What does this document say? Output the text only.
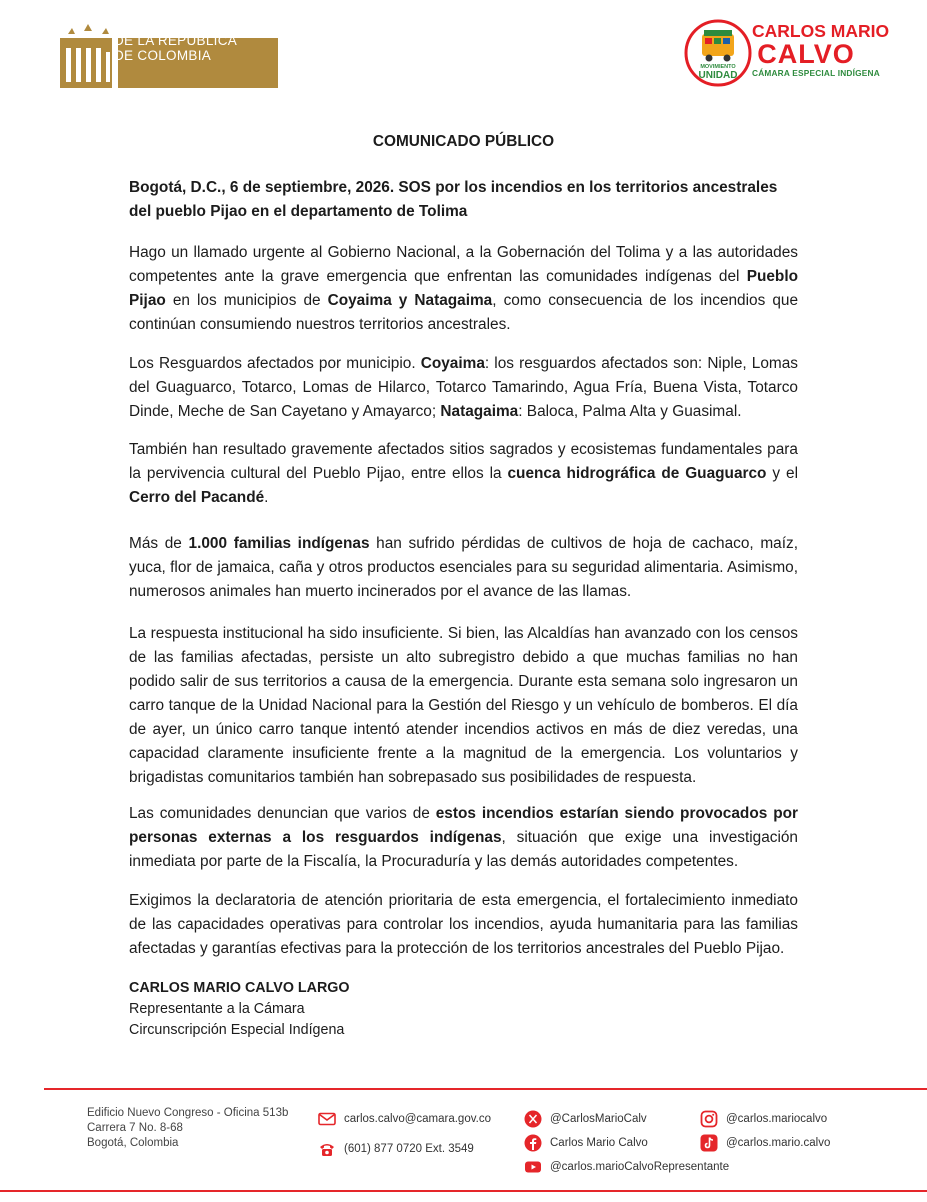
CONGRESO
DE LA REPÚBLICA
DE COLOMBIA
MOVIMIENTO
UNIDAD
CARLOS MARIO
CALVO
CÁMARA ESPECIAL INDÍGENA
COMUNICADO PÚBLICO
Bogotá, D.C., 6 de septiembre, 2026. SOS por los incendios en los territorios ancestrales del pueblo Pijao en el departamento de Tolima
Hago un llamado urgente al Gobierno Nacional, a la Gobernación del Tolima y a las autoridades competentes ante la grave emergencia que enfrentan las comunidades indígenas del Pueblo Pijao en los municipios de Coyaima y Natagaima, como consecuencia de los incendios que continúan consumiendo nuestros territorios ancestrales.
Los Resguardos afectados por municipio. Coyaima: los resguardos afectados son: Niple, Lomas del Guaguarco, Totarco, Lomas de Hilarco, Totarco Tamarindo, Agua Fría, Buena Vista, Totarco Dinde, Meche de San Cayetano y Amayarco; Natagaima: Baloca, Palma Alta y Guasimal.
También han resultado gravemente afectados sitios sagrados y ecosistemas fundamentales para la pervivencia cultural del Pueblo Pijao, entre ellos la cuenca hidrográfica de Guaguarco y el Cerro del Pacandé.
Más de 1.000 familias indígenas han sufrido pérdidas de cultivos de hoja de cachaco, maíz, yuca, flor de jamaica, caña y otros productos esenciales para su seguridad alimentaria. Asimismo, numerosos animales han muerto incinerados por el avance de las llamas.
La respuesta institucional ha sido insuficiente. Si bien, las Alcaldías han avanzado con los censos de las familias afectadas, persiste un alto subregistro debido a que muchas familias no han podido salir de sus territorios a causa de la emergencia. Durante esta semana solo ingresaron un carro tanque de la Unidad Nacional para la Gestión del Riesgo y un vehículo de bomberos. El día de ayer, un único carro tanque intentó atender incendios activos en más de diez veredas, una capacidad claramente insuficiente frente a la magnitud de la emergencia. Los voluntarios y brigadistas comunitarios también han sobrepasado sus posibilidades de respuesta.
Las comunidades denuncian que varios de estos incendios estarían siendo provocados por personas externas a los resguardos indígenas, situación que exige una investigación inmediata por parte de la Fiscalía, la Procuraduría y las demás autoridades competentes.
Exigimos la declaratoria de atención prioritaria de esta emergencia, el fortalecimiento inmediato de las capacidades operativas para controlar los incendios, ayuda humanitaria para las familias afectadas y garantías efectivas para la protección de los territorios ancestrales del Pueblo Pijao.
CARLOS MARIO CALVO LARGO
Representante a la Cámara
Circunscripción Especial Indígena
Edificio Nuevo Congreso - Oficina 513b
Carrera 7 No. 8-68
Bogotá, Colombia
carlos.calvo@camara.gov.co
(601) 877 0720 Ext. 3549
@CarlosMarioCalv
Carlos Mario Calvo
@carlos.marioCalvoRepresentante
@carlos.mariocalvo
@carlos.mario.calvo
